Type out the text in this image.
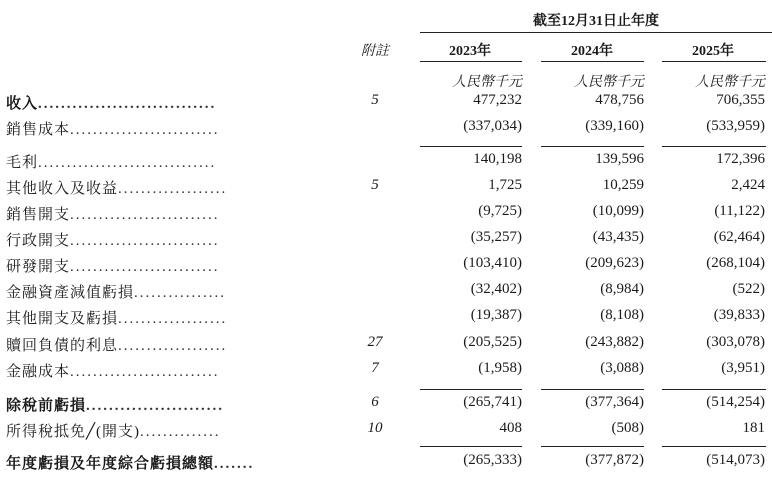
截至12月31日止年度
附註	2023年	2024年	2025年
人民幣千元	人民幣千元	人民幣千元
收入...............................	5	477,232	478,756	706,355
銷售成本..........................	(337,034)	(339,160)	(533,959)
毛利...............................	140,198	139,596	172,396
其他收入及收益...................	5	1,725	10,259	2,424
銷售開支..........................	(9,725)	(10,099)	(11,122)
行政開支..........................	(35,257)	(43,435)	(62,464)
研發開支..........................	(103,410)	(209,623)	(268,104)
金融資產減值虧損................	(32,402)	(8,984)	(522)
其他開支及虧損...................	(19,387)	(8,108)	(39,833)
贖回負債的利息...................	27	(205,525)	(243,882)	(303,078)
金融成本..........................	7	(1,958)	(3,088)	(3,951)
除稅前虧損........................	6	(265,741)	(377,364)	(514,254)
所得稅抵免╱(開支)..............	10	408	(508)	181
年度虧損及年度綜合虧損總額.......	(265,333)	(377,872)	(514,073)
